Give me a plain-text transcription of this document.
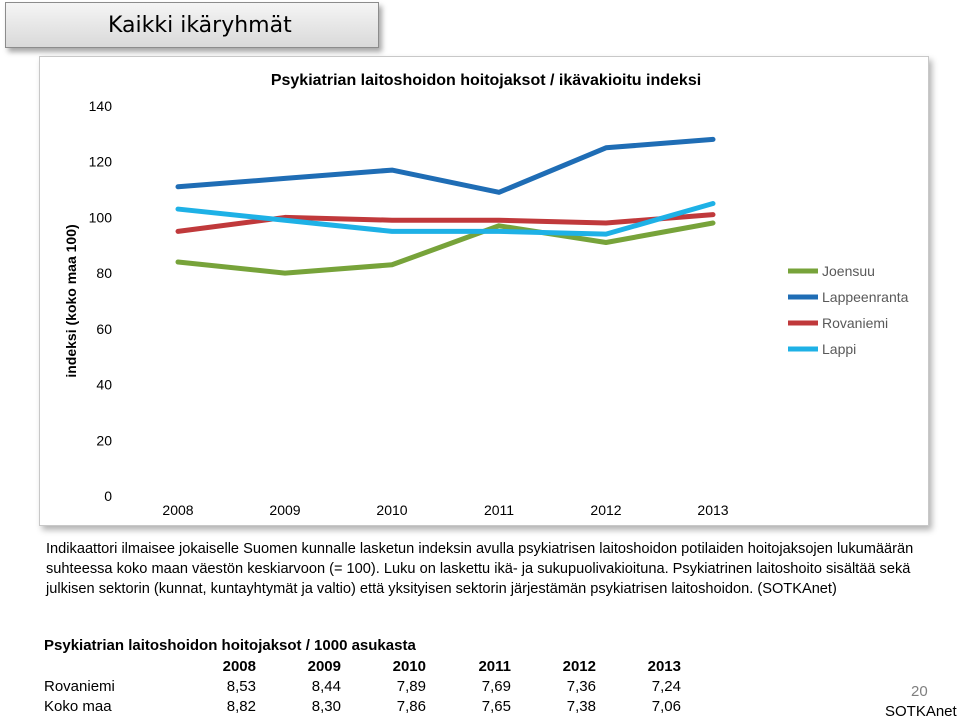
Kaikki ikäryhmät
Psykiatrian laitoshoidon hoitojaksot / ikävakioitu indeksi
indeksi (koko maa 100)
0
20
40
60
80
100
120
140
2008	2009	2010	2011	2012	2013
Joensuu
Lappeenranta
Rovaniemi
Lappi

Indikaattori ilmaisee jokaiselle Suomen kunnalle lasketun indeksin avulla psykiatrisen laitoshoidon potilaiden hoitojaksojen lukumäärän suhteessa koko maan väestön keskiarvoon (= 100). Luku on laskettu ikä- ja sukupuolivakioituna. Psykiatrinen laitoshoito sisältää sekä julkisen sektorin (kunnat, kuntayhtymät ja valtio) että yksityisen sektorin järjestämän psykiatrisen laitoshoidon. (SOTKAnet)

Psykiatrian laitoshoidon hoitojaksot / 1000 asukasta
	2008	2009	2010	2011	2012	2013
Rovaniemi	8,53	8,44	7,89	7,69	7,36	7,24
Koko maa	8,82	8,30	7,86	7,65	7,38	7,06
20
SOTKAnet
